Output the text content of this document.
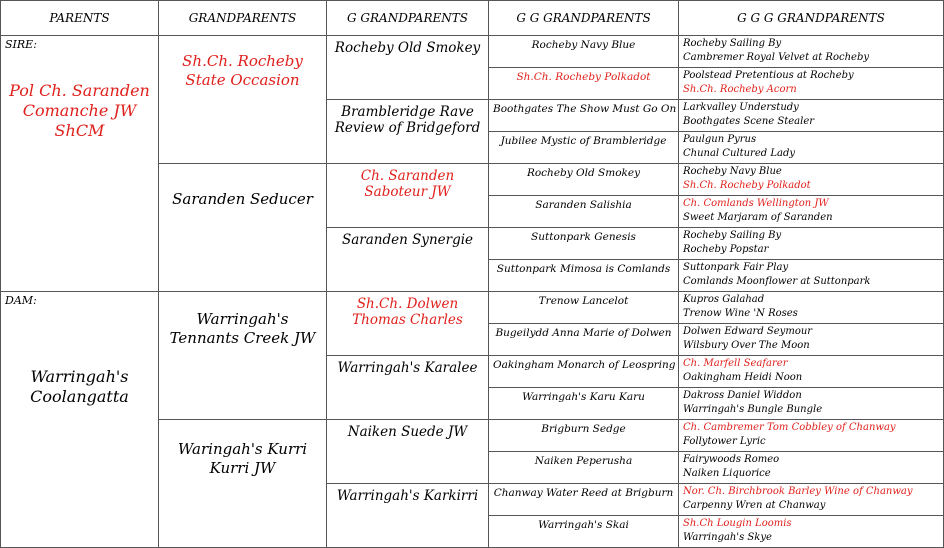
PARENTS	GRANDPARENTS	G GRANDPARENTS	G G GRANDPARENTS	G G G GRANDPARENTS

SIRE:
Pol Ch. Saranden Comanche JW ShCM	Sh.Ch. Rocheby State Occasion	Rocheby Old Smokey	Rocheby Navy Blue	Rocheby Sailing By
Cambremer Royal Velvet at Rocheby

			Sh.Ch. Rocheby Polkadot	Poolstead Pretentious at Rocheby
Sh.Ch. Rocheby Acorn

		Brambleridge Rave Review of Bridgeford	Boothgates The Show Must Go On	Larkvalley Understudy
Boothgates Scene Stealer

			Jubilee Mystic of Brambleridge	Paulgun Pyrus
Chunal Cultured Lady

	Saranden Seducer	Ch. Saranden Saboteur JW	Rocheby Old Smokey	Rocheby Navy Blue
Sh.Ch. Rocheby Polkadot

			Saranden Salishia	Ch. Comlands Wellington JW
Sweet Marjaram of Saranden

		Saranden Synergie	Suttonpark Genesis	Rocheby Sailing By
Rocheby Popstar

			Suttonpark Mimosa is Comlands	Suttonpark Fair Play
Comlands Moonflower at Suttonpark

DAM:
Warringah's Coolangatta	Warringah's Tennants Creek JW	Sh.Ch. Dolwen Thomas Charles	Trenow Lancelot	Kupros Galahad
Trenow Wine 'N Roses

			Bugeilydd Anna Marie of Dolwen	Dolwen Edward Seymour
Wilsbury Over The Moon

		Warringah's Karalee	Oakingham Monarch of Leospring	Ch. Marfell Seafarer
Oakingham Heidi Noon

			Warringah's Karu Karu	Dakross Daniel Widdon
Warringah's Bungle Bungle

	Waringah's Kurri Kurri JW	Naiken Suede JW	Brigburn Sedge	Ch. Cambremer Tom Cobbley of Chanway
Follytower Lyric

			Naiken Peperusha	Fairywoods Romeo
Naiken Liquorice

		Warringah's Karkirri	Chanway Water Reed at Brigburn	Nor. Ch. Birchbrook Barley Wine of Chanway
Carpenny Wren at Chanway

			Warringah's Skai	Sh.Ch Lougin Loomis
Warringah's Skye
